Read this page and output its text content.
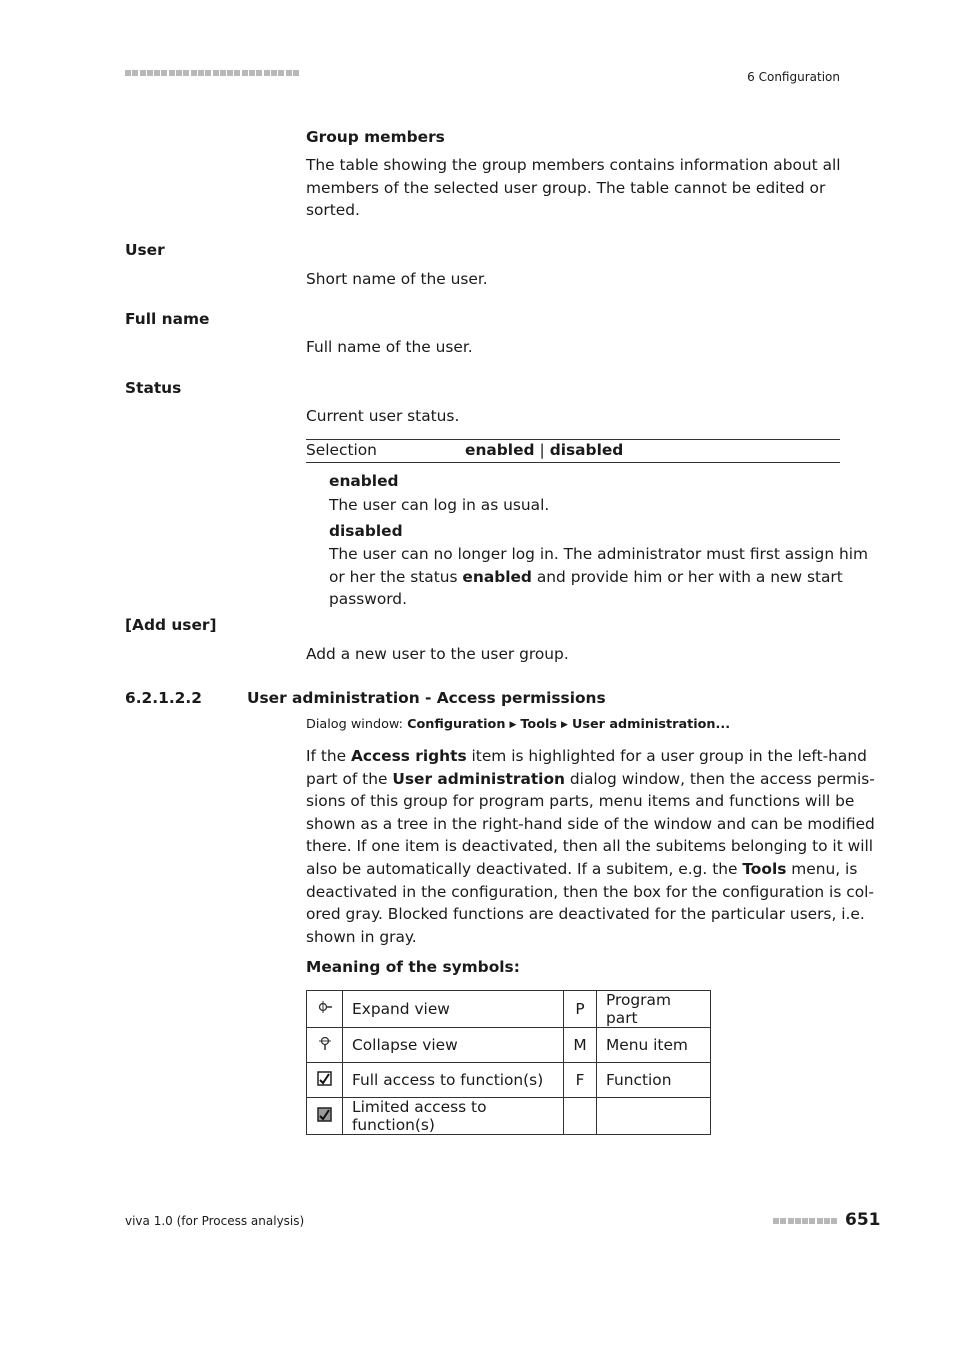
6 Configuration
Group members
The table showing the group members contains information about all
members of the selected user group. The table cannot be edited or
sorted.
User
Short name of the user.
Full name
Full name of the user.
Status
Current user status.
Selection	enabled | disabled
enabled
The user can log in as usual.
disabled
The user can no longer log in. The administrator must first assign him
or her the status enabled and provide him or her with a new start
password.
[Add user]
Add a new user to the user group.
6.2.1.2.2	User administration - Access permissions
Dialog window: Configuration ▶ Tools ▶ User administration...
If the Access rights item is highlighted for a user group in the left-hand
part of the User administration dialog window, then the access permis-
sions of this group for program parts, menu items and functions will be
shown as a tree in the right-hand side of the window and can be modified
there. If one item is deactivated, then all the subitems belonging to it will
also be automatically deactivated. If a subitem, e.g. the Tools menu, is
deactivated in the configuration, then the box for the configuration is col-
ored gray. Blocked functions are deactivated for the particular users, i.e.
shown in gray.
Meaning of the symbols:
	Expand view	P	Program part
	Collapse view	M	Menu item
	Full access to function(s)	F	Function
	Limited access to function(s)		
viva 1.0 (for Process analysis)	651
